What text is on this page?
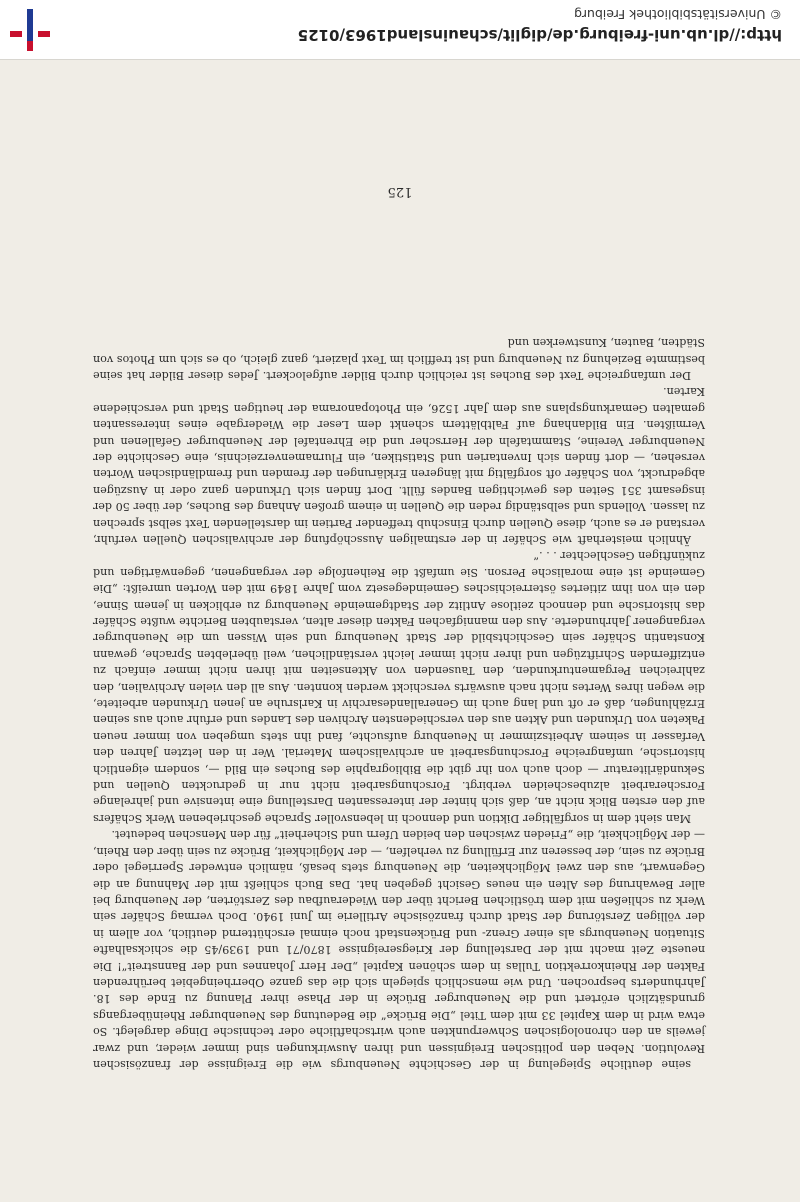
seine deutliche Spiegelung in der Geschichte Neuenburgs wie die Ereignisse der französischen Revolution. Neben den politischen Ereignissen und ihren Auswirkungen sind immer wieder, und zwar jeweils an den chronologischen Schwerpunkten auch wirtschaftliche oder technische Dinge dargelegt. So etwa wird in dem Kapitel 33 mit dem Titel „Die Brücke“ die Bedeutung des Neuenburger Rheinübergangs grundsätzlich erörtert und die Neuenburger Brücke in der Phase ihrer Planung zu Ende des 18. Jahrhunderts besprochen. Und wie menschlich spiegeln sich die das ganze Oberrheingebiet berührenden Fakten der Rheinkorrektion Tullas in dem schönen Kapitel „Der Herr Johannes und der Bannstreit“! Die neueste Zeit macht mit der Darstellung der Kriegsereignisse 1870/71 und 1939/45 die schicksalhafte Situation Neuenburgs als einer Grenz- und Brückenstadt noch einmal erschütternd deutlich, vor allem in der völligen Zerstörung der Stadt durch französische Artillerie im Juni 1940. Doch vermag Schäfer sein Werk zu schließen mit dem tröstlichen Bericht über den Wiederaufbau des Zerstörten, der Neuenburg bei aller Bewahrung des Alten ein neues Gesicht gegeben hat. Das Buch schließt mit der Mahnung an die Gegenwart, aus den zwei Möglichkeiten, die Neuenburg stets besaß, nämlich entweder Sperriegel oder Brücke zu sein, der besseren zur Erfüllung zu verhelfen, — der Möglichkeit, Brücke zu sein über den Rhein, — der Möglichkeit, die „Frieden zwischen den beiden Ufern und Sicherheit“ für den Menschen bedeutet.

Man sieht dem in sorgfältiger Diktion und dennoch in lebensvoller Sprache geschriebenen Werk Schäfers auf den ersten Blick nicht an, daß sich hinter der interessanten Darstellung eine intensive und jahrelange Forscherarbeit alzubescheiden verbirgt. Forschungsarbeit nicht nur in gedruckten Quellen und Sekundärliteratur — doch auch von ihr gibt die Bibliographie des Buches ein Bild —, sondern eigentlich historische, umfangreiche Forschungsarbeit an archivalischem Material. Wer in den letzten Jahren den Verfasser in seinem Arbeitszimmer in Neuenburg aufsuchte, fand ihn stets umgeben von immer neuen Paketen von Urkunden und Akten aus den verschiedensten Archiven des Landes und erfuhr auch aus seinen Erzählungen, daß er oft und lang auch im Generallandesarchiv in Karlsruhe an jenen Urkunden arbeitete, die wegen ihres Wertes nicht nach auswärts verschickt werden konnten. Aus all den vielen Archivalien, den zahlreichen Pergamenturkunden, den Tausenden von Aktenseiten mit ihren nicht immer einfach zu entziffernden Schriftzügen und ihrer nicht immer leicht verständlichen, weil überlebten Sprache, gewann Konstantin Schäfer sein Geschichtsbild der Stadt Neuenburg und sein Wissen um die Neuenburger vergangener Jahrhunderte. Aus den mannigfachen Fakten dieser alten, verstaubten Berichte wußte Schäfer das historische und dennoch zeitlose Antlitz der Stadtgemeinde Neuenburg zu erblicken in jenem Sinne, den ein von ihm zitiertes österreichisches Gemeindegesetz vom Jahre 1849 mit den Worten umreißt: „Die Gemeinde ist eine moralische Person. Sie umfaßt die Reihenfolge der vergangenen, gegenwärtigen und zukünftigen Geschlechter . . .“

Ähnlich meisterhaft wie Schäfer in der erstmaligen Ausschöpfung der archivalischen Quellen verfuhr, verstand er es auch, diese Quellen durch Einschub treffender Partien im darstellenden Text selbst sprechen zu lassen. Vollends und selbständig reden die Quellen in einem großen Anhang des Buches, der über 50 der insgesamt 351 Seiten des gewichtigen Bandes füllt. Dort finden sich Urkunden ganz oder in Auszügen abgedruckt, von Schäfer oft sorgfältig mit längeren Erklärungen der fremden und fremdländischen Worten versehen, — dort finden sich Inventarien und Statistiken, ein Flurnamenverzeichnis, eine Geschichte der Neuenburger Vereine, Stammtafeln der Herrscher und die Ehrentafel der Neuenburger Gefallenen und Vermißten. Ein Bildanhang auf Faltblättern schenkt dem Leser die Wiedergabe eines interessanten gemalten Gemarkungsplans aus dem Jahr 1526, ein Photopanorama der heutigen Stadt und verschiedene Karten.

Der umfangreiche Text des Buches ist reichlich durch Bilder aufgelockert. Jedes dieser Bilder hat seine bestimmte Beziehung zu Neuenburg und ist trefflich im Text plaziert, ganz gleich, ob es sich um Photos von Städten, Bauten, Kunstwerken und

125
http://dl.ub.uni-freiburg.de/diglit/schauinsland1963/0125
© Universitätsbibliothek Freiburg
